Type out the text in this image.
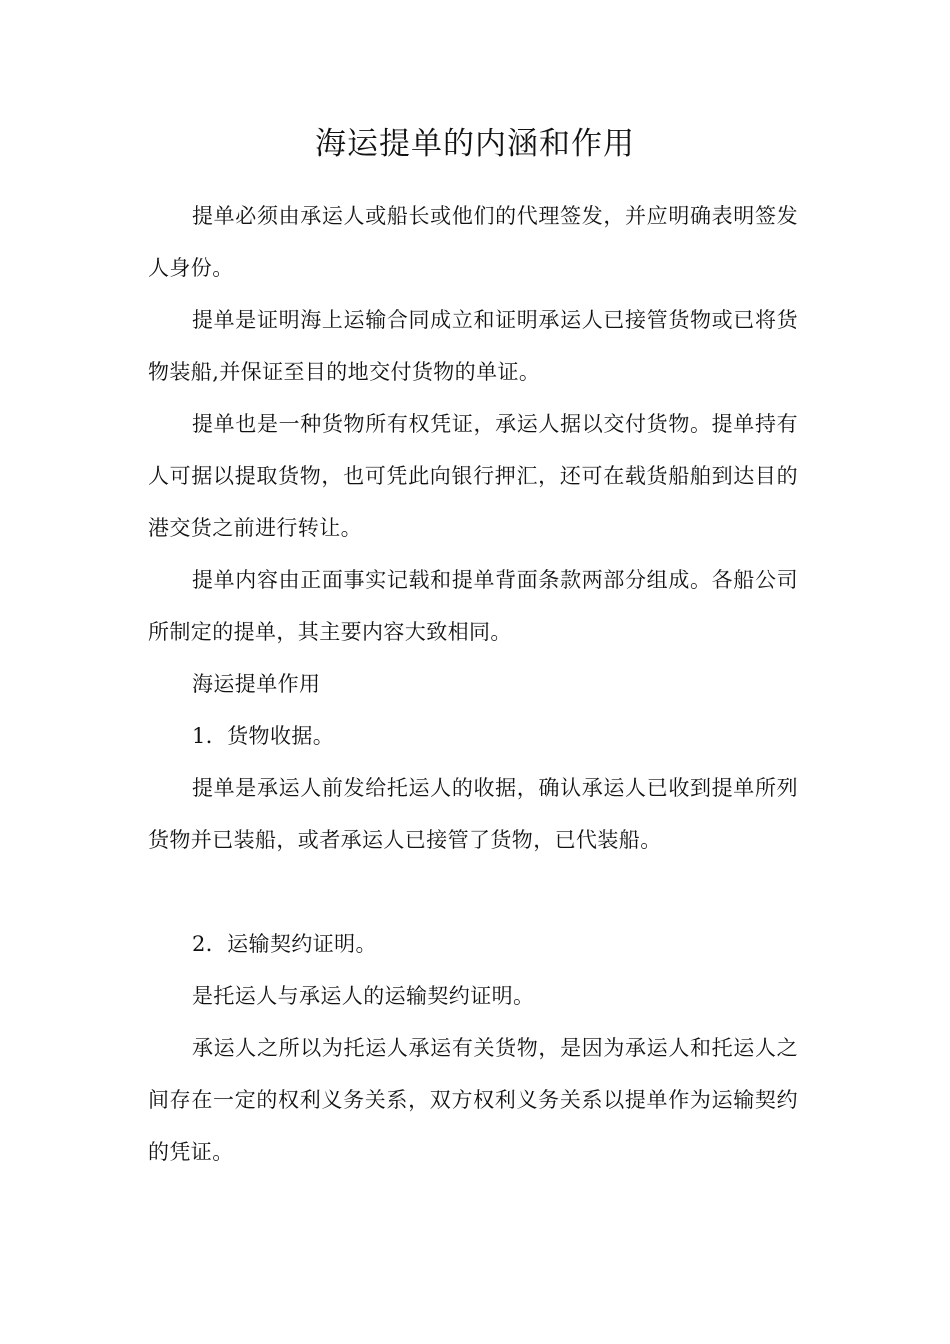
海运提单的内涵和作用

提单必须由承运人或船长或他们的代理签发，并应明确表明签发人身份。

提单是证明海上运输合同成立和证明承运人已接管货物或已将货物装船,并保证至目的地交付货物的单证。

提单也是一种货物所有权凭证，承运人据以交付货物。提单持有人可据以提取货物，也可凭此向银行押汇，还可在载货船舶到达目的港交货之前进行转让。

提单内容由正面事实记载和提单背面条款两部分组成。各船公司所制定的提单，其主要内容大致相同。

海运提单作用

1．货物收据。

提单是承运人前发给托运人的收据，确认承运人已收到提单所列货物并已装船，或者承运人已接管了货物，已代装船。

2．运输契约证明。

是托运人与承运人的运输契约证明。

承运人之所以为托运人承运有关货物，是因为承运人和托运人之间存在一定的权利义务关系，双方权利义务关系以提单作为运输契约的凭证。
